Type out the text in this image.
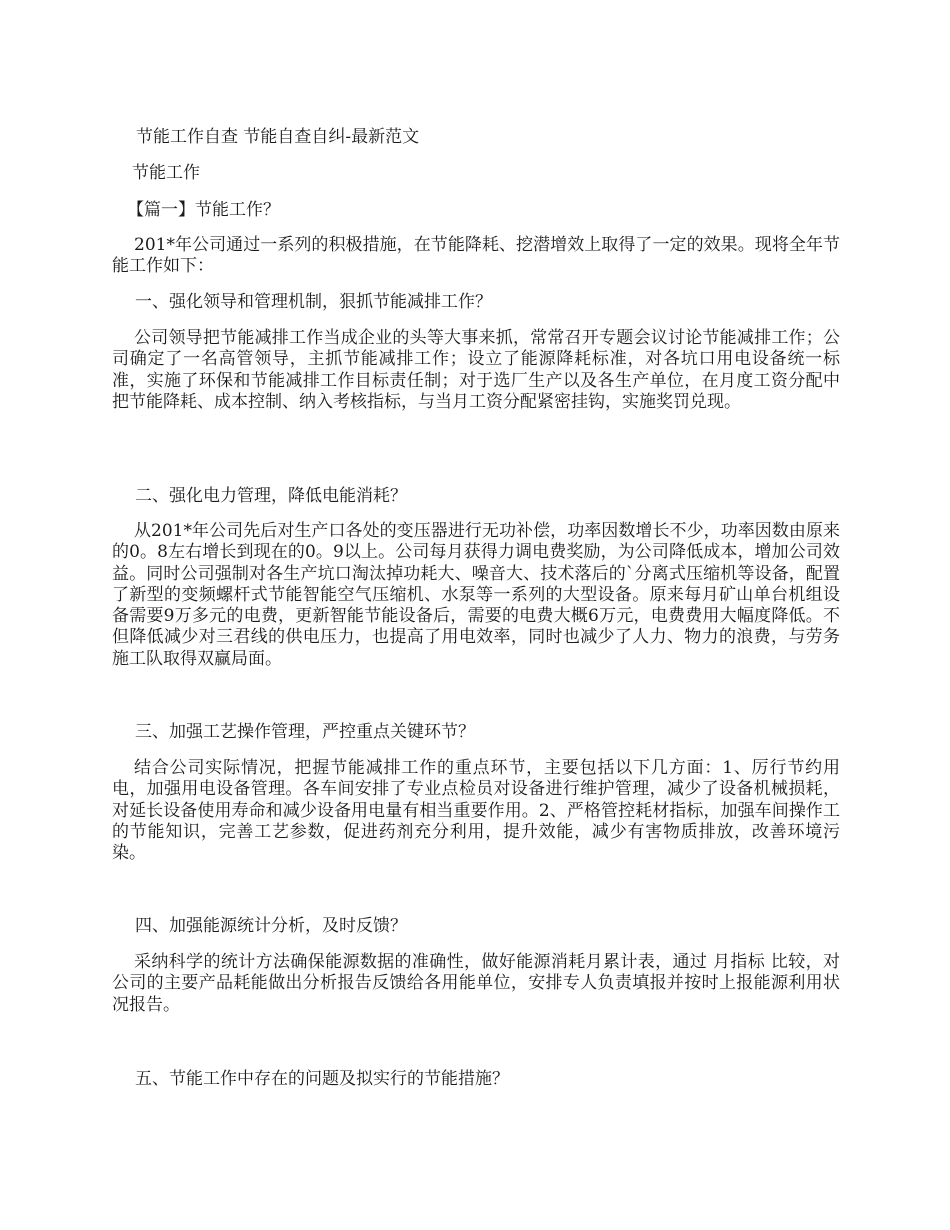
节能工作自查 节能自查自纠-最新范文
节能工作
【篇一】节能工作？
201*年公司通过一系列的积极措施，在节能降耗、挖潜增效上取得了一定的效果。现将全年节能工作如下：
一、强化领导和管理机制，狠抓节能减排工作？
公司领导把节能减排工作当成企业的头等大事来抓，常常召开专题会议讨论节能减排工作；公司确定了一名高管领导，主抓节能减排工作；设立了能源降耗标准，对各坑口用电设备统一标准，实施了环保和节能减排工作目标责任制；对于选厂生产以及各生产单位，在月度工资分配中把节能降耗、成本控制、纳入考核指标，与当月工资分配紧密挂钩，实施奖罚兑现。
二、强化电力管理，降低电能消耗？
从201*年公司先后对生产口各处的变压器进行无功补偿，功率因数增长不少，功率因数由原来的0。8左右增长到现在的0。9以上。公司每月获得力调电费奖励，为公司降低成本，增加公司效益。同时公司强制对各生产坑口淘汰掉功耗大、噪音大、技术落后的`分离式压缩机等设备，配置了新型的变频螺杆式节能智能空气压缩机、水泵等一系列的大型设备。原来每月矿山单台机组设备需要9万多元的电费，更新智能节能设备后，需要的电费大概6万元，电费费用大幅度降低。不但降低减少对三君线的供电压力，也提高了用电效率，同时也减少了人力、物力的浪费，与劳务施工队取得双赢局面。
三、加强工艺操作管理，严控重点关键环节？
结合公司实际情况，把握节能减排工作的重点环节，主要包括以下几方面：1、厉行节约用电，加强用电设备管理。各车间安排了专业点检员对设备进行维护管理，减少了设备机械损耗，对延长设备使用寿命和减少设备用电量有相当重要作用。2、严格管控耗材指标，加强车间操作工的节能知识，完善工艺参数，促进药剂充分利用，提升效能，减少有害物质排放，改善环境污染。
四、加强能源统计分析，及时反馈？
采纳科学的统计方法确保能源数据的准确性，做好能源消耗月累计表，通过 月指标 比较，对公司的主要产品耗能做出分析报告反馈给各用能单位，安排专人负责填报并按时上报能源利用状况报告。
五、节能工作中存在的问题及拟实行的节能措施？
